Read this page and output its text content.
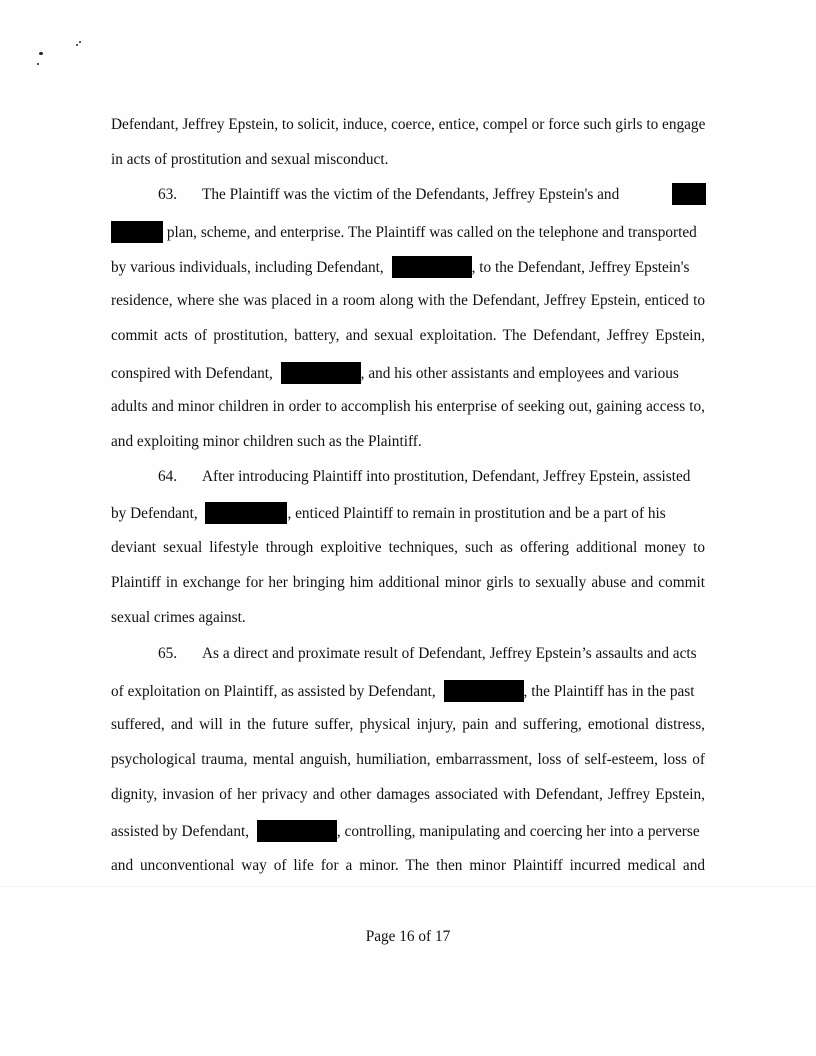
Defendant, Jeffrey Epstein, to solicit, induce, coerce, entice, compel or force such girls to engage
in acts of prostitution and sexual misconduct.
63. The Plaintiff was the victim of the Defendants, Jeffrey Epstein's and
plan, scheme, and enterprise. The Plaintiff was called on the telephone and transported
by various individuals, including Defendant,	, to the Defendant, Jeffrey Epstein's
residence, where she was placed in a room along with the Defendant, Jeffrey Epstein, enticed to
commit acts of prostitution, battery, and sexual exploitation. The Defendant, Jeffrey Epstein,
conspired with Defendant,	, and his other assistants and employees and various
adults and minor children in order to accomplish his enterprise of seeking out, gaining access to,
and exploiting minor children such as the Plaintiff.
64. After introducing Plaintiff into prostitution, Defendant, Jeffrey Epstein, assisted
by Defendant,	, enticed Plaintiff to remain in prostitution and be a part of his
deviant sexual lifestyle through exploitive techniques, such as offering additional money to
Plaintiff in exchange for her bringing him additional minor girls to sexually abuse and commit
sexual crimes against.
65. As a direct and proximate result of Defendant, Jeffrey Epstein’s assaults and acts
of exploitation on Plaintiff, as assisted by Defendant,	, the Plaintiff has in the past
suffered, and will in the future suffer, physical injury, pain and suffering, emotional distress,
psychological trauma, mental anguish, humiliation, embarrassment, loss of self-esteem, loss of
dignity, invasion of her privacy and other damages associated with Defendant, Jeffrey Epstein,
assisted by Defendant,	, controlling, manipulating and coercing her into a perverse
and unconventional way of life for a minor. The then minor Plaintiff incurred medical and
Page 16 of 17
